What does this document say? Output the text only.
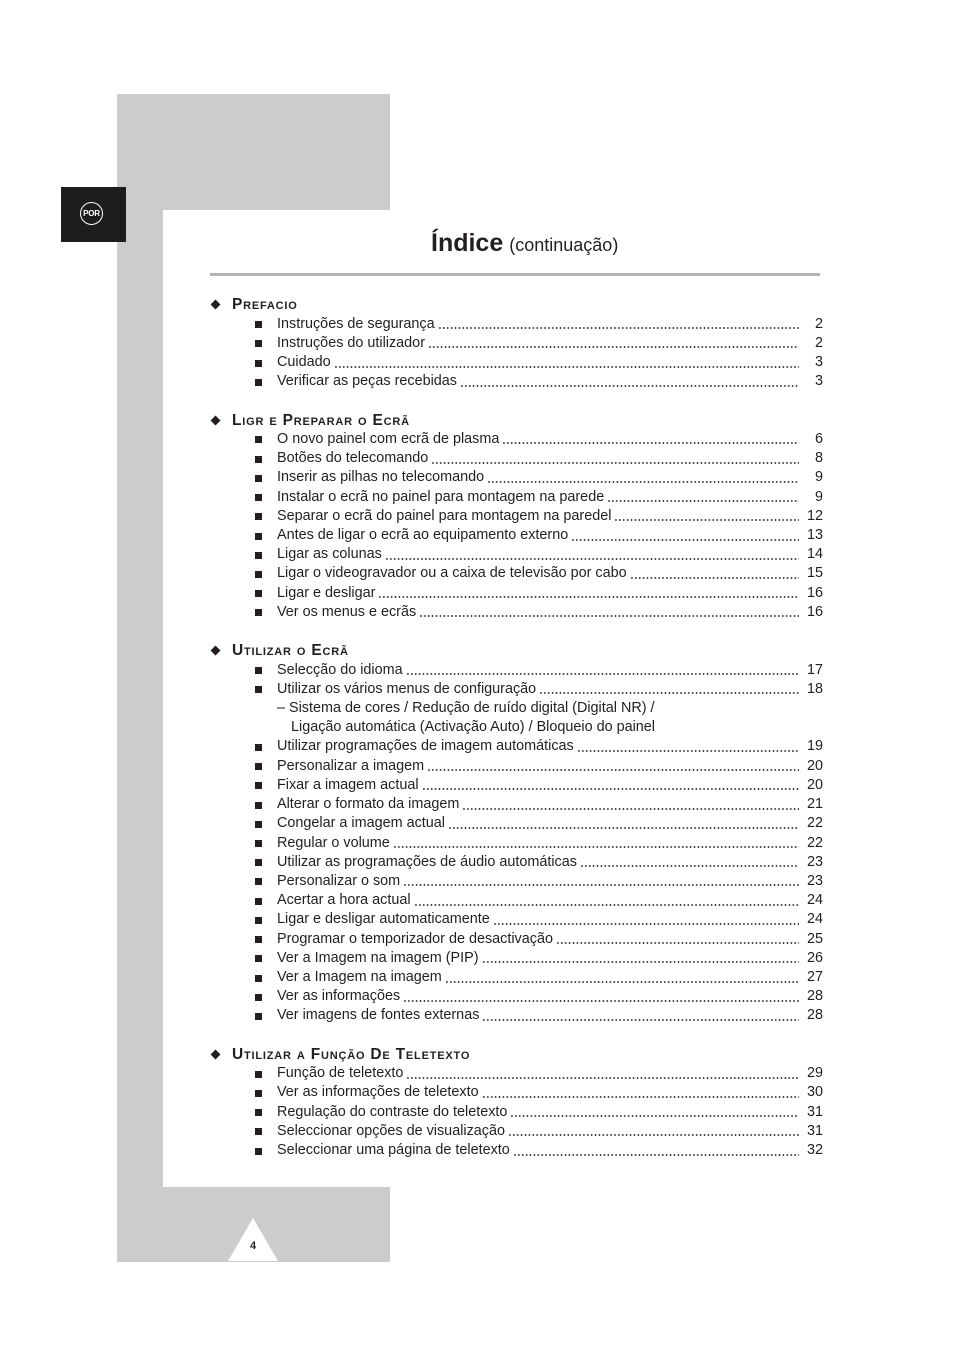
POR
Índice (continuação)
Prefacio
Instruções de segurança	2
Instruções do utilizador	2
Cuidado	3
Verificar as peças recebidas	3
Ligr e Preparar o Ecrã
O novo painel com ecrã de plasma	6
Botões do telecomando	8
Inserir as pilhas no telecomando	9
Instalar o ecrã no painel para montagem na parede	9
Separar o ecrã do painel para montagem na paredel	12
Antes de ligar o ecrã ao equipamento externo	13
Ligar as colunas	14
Ligar o videogravador ou a caixa de televisão por cabo	15
Ligar e desligar	16
Ver os menus e ecrãs	16
Utilizar o Ecrã
Selecção do idioma	17
Utilizar os vários menus de configuração	18
– Sistema de cores / Redução de ruído digital (Digital NR) /
Ligação automática (Activação Auto) / Bloqueio do painel
Utilizar programações de imagem automáticas	19
Personalizar a imagem	20
Fixar a imagem actual	20
Alterar o formato da imagem	21
Congelar a imagem actual	22
Regular o volume	22
Utilizar as programações de áudio automáticas	23
Personalizar o som	23
Acertar a hora actual	24
Ligar e desligar automaticamente	24
Programar o temporizador de desactivação	25
Ver a Imagem na imagem (PIP)	26
Ver a Imagem na imagem	27
Ver as informações	28
Ver imagens de fontes externas	28
Utilizar a Função De Teletexto
Função de teletexto	29
Ver as informações de teletexto	30
Regulação do contraste do teletexto	31
Seleccionar opções de visualização	31
Seleccionar uma página de teletexto	32
4
